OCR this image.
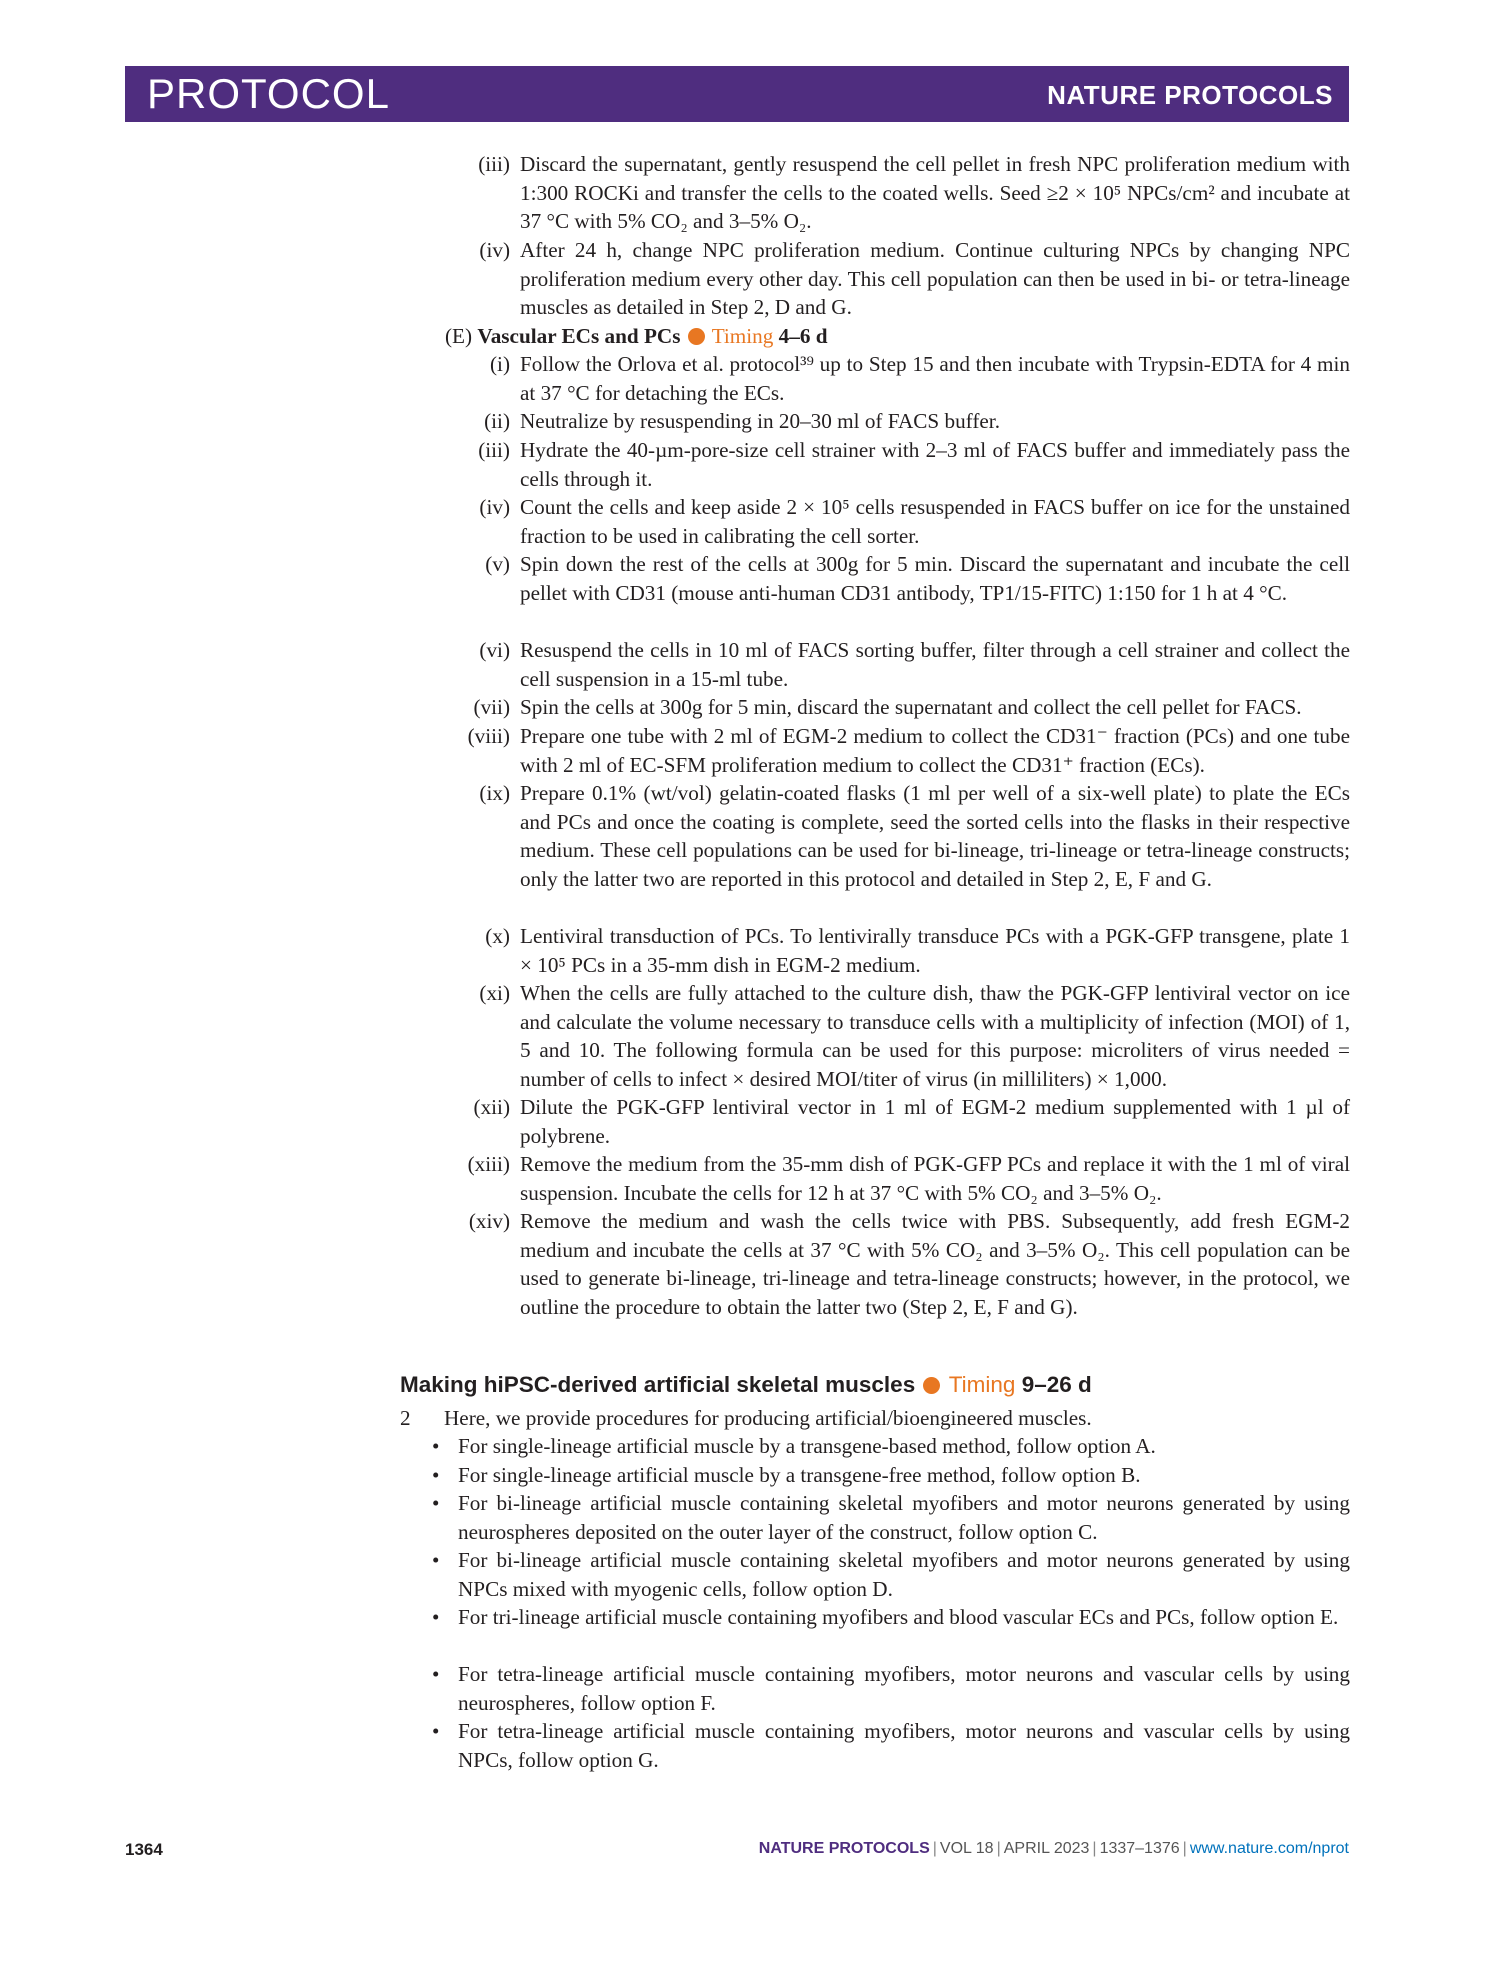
PROTOCOL	NATURE PROTOCOLS
(iii) Discard the supernatant, gently resuspend the cell pellet in fresh NPC proliferation medium with 1:300 ROCKi and transfer the cells to the coated wells. Seed ≥2 × 10⁵ NPCs/cm² and incubate at 37 °C with 5% CO₂ and 3–5% O₂.
(iv) After 24 h, change NPC proliferation medium. Continue culturing NPCs by changing NPC proliferation medium every other day. This cell population can then be used in bi- or tetra-lineage muscles as detailed in Step 2, D and G.
(E) Vascular ECs and PCs Timing 4–6 d
(i) Follow the Orlova et al. protocol³⁹ up to Step 15 and then incubate with Trypsin-EDTA for 4 min at 37 °C for detaching the ECs.
(ii) Neutralize by resuspending in 20–30 ml of FACS buffer.
(iii) Hydrate the 40-µm-pore-size cell strainer with 2–3 ml of FACS buffer and immediately pass the cells through it.
(iv) Count the cells and keep aside 2 × 10⁵ cells resuspended in FACS buffer on ice for the unstained fraction to be used in calibrating the cell sorter.
(v) Spin down the rest of the cells at 300g for 5 min. Discard the supernatant and incubate the cell pellet with CD31 (mouse anti-human CD31 antibody, TP1/15-FITC) 1:150 for 1 h at 4 °C.
(vi) Resuspend the cells in 10 ml of FACS sorting buffer, filter through a cell strainer and collect the cell suspension in a 15-ml tube.
(vii) Spin the cells at 300g for 5 min, discard the supernatant and collect the cell pellet for FACS.
(viii) Prepare one tube with 2 ml of EGM-2 medium to collect the CD31⁻ fraction (PCs) and one tube with 2 ml of EC-SFM proliferation medium to collect the CD31⁺ fraction (ECs).
(ix) Prepare 0.1% (wt/vol) gelatin-coated flasks (1 ml per well of a six-well plate) to plate the ECs and PCs and once the coating is complete, seed the sorted cells into the flasks in their respective medium. These cell populations can be used for bi-lineage, tri-lineage or tetra-lineage constructs; only the latter two are reported in this protocol and detailed in Step 2, E, F and G.
(x) Lentiviral transduction of PCs. To lentivirally transduce PCs with a PGK-GFP transgene, plate 1 × 10⁵ PCs in a 35-mm dish in EGM-2 medium.
(xi) When the cells are fully attached to the culture dish, thaw the PGK-GFP lentiviral vector on ice and calculate the volume necessary to transduce cells with a multiplicity of infection (MOI) of 1, 5 and 10. The following formula can be used for this purpose: microliters of virus needed = number of cells to infect × desired MOI/titer of virus (in milliliters) × 1,000.
(xii) Dilute the PGK-GFP lentiviral vector in 1 ml of EGM-2 medium supplemented with 1 µl of polybrene.
(xiii) Remove the medium from the 35-mm dish of PGK-GFP PCs and replace it with the 1 ml of viral suspension. Incubate the cells for 12 h at 37 °C with 5% CO₂ and 3–5% O₂.
(xiv) Remove the medium and wash the cells twice with PBS. Subsequently, add fresh EGM-2 medium and incubate the cells at 37 °C with 5% CO₂ and 3–5% O₂. This cell population can be used to generate bi-lineage, tri-lineage and tetra-lineage constructs; however, in the protocol, we outline the procedure to obtain the latter two (Step 2, E, F and G).
Making hiPSC-derived artificial skeletal muscles Timing 9–26 d
2 Here, we provide procedures for producing artificial/bioengineered muscles.
• For single-lineage artificial muscle by a transgene-based method, follow option A.
• For single-lineage artificial muscle by a transgene-free method, follow option B.
• For bi-lineage artificial muscle containing skeletal myofibers and motor neurons generated by using neurospheres deposited on the outer layer of the construct, follow option C.
• For bi-lineage artificial muscle containing skeletal myofibers and motor neurons generated by using NPCs mixed with myogenic cells, follow option D.
• For tri-lineage artificial muscle containing myofibers and blood vascular ECs and PCs, follow option E.
• For tetra-lineage artificial muscle containing myofibers, motor neurons and vascular cells by using neurospheres, follow option F.
• For tetra-lineage artificial muscle containing myofibers, motor neurons and vascular cells by using NPCs, follow option G.
1364	NATURE PROTOCOLS | VOL 18 | APRIL 2023 | 1337–1376 | www.nature.com/nprot
